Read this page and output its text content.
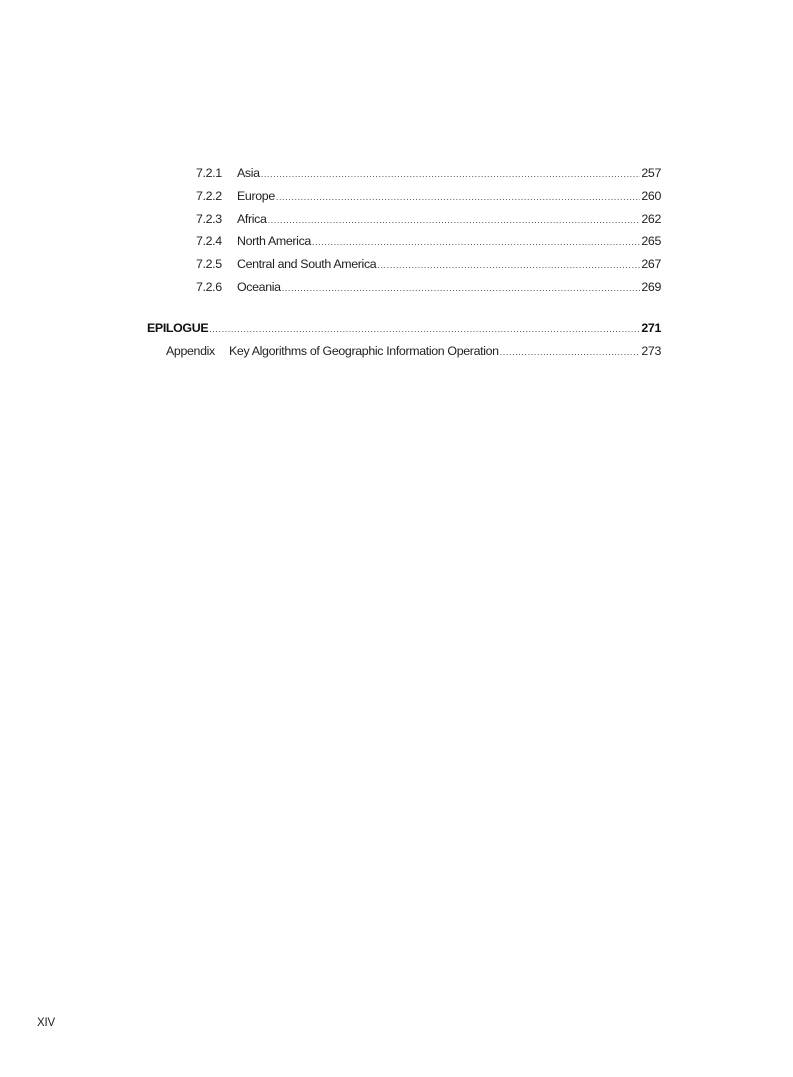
7.2.1	Asia .....	257
7.2.2	Europe .....	260
7.2.3	Africa .....	262
7.2.4	North America .....	265
7.2.5	Central and South America .....	267
7.2.6	Oceania .....	269
EPILOGUE .....	271
Appendix	Key Algorithms of Geographic Information Operation .....	273
XIV
